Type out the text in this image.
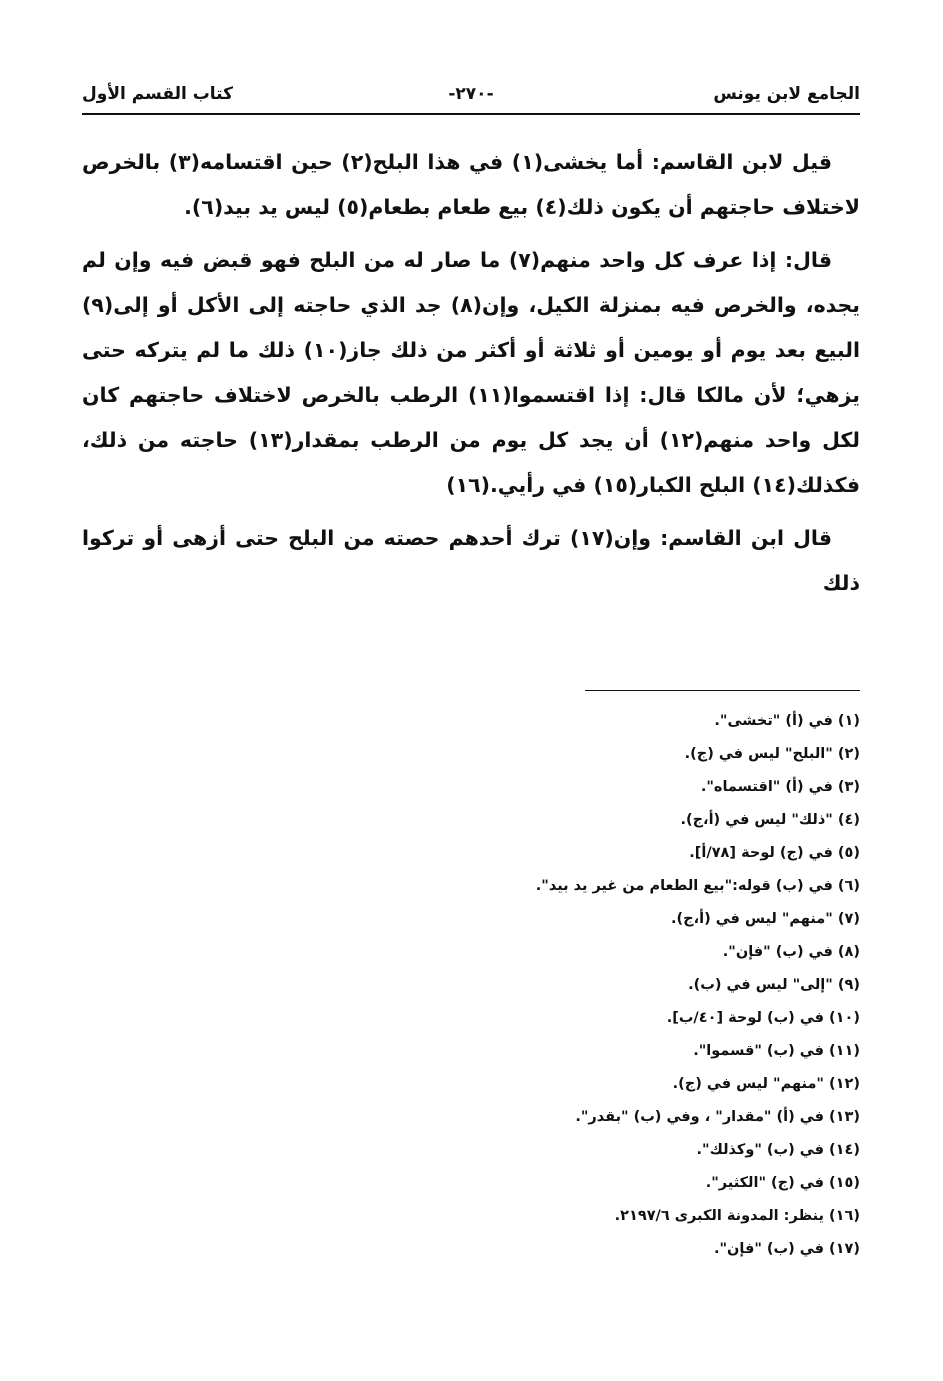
الجامع لابن يونس
-٢٧٠-
كتاب القسم الأول

قيل لابن القاسم: أما يخشى(١) في هذا البلح(٢) حين اقتسامه(٣) بالخرص لاختلاف حاجتهم أن يكون ذلك(٤) بيع طعام بطعام(٥) ليس يد بيد(٦).

قال: إذا عرف كل واحد منهم(٧) ما صار له من البلح فهو قبض فيه وإن لم يجده، والخرص فيه بمنزلة الكيل، وإن(٨) جد الذي حاجته إلى الأكل أو إلى(٩) البيع بعد يوم أو يومين أو ثلاثة أو أكثر من ذلك جاز(١٠) ذلك ما لم يتركه حتى يزهي؛ لأن مالكا قال: إذا اقتسموا(١١) الرطب بالخرص لاختلاف حاجتهم كان لكل واحد منهم(١٢) أن يجد كل يوم من الرطب بمقدار(١٣) حاجته من ذلك، فكذلك(١٤) البلح الكبار(١٥) في رأيي.(١٦)

قال ابن القاسم: وإن(١٧) ترك أحدهم حصته من البلح حتى أزهى أو تركوا ذلك

(١) في (أ) "تخشى".
(٢) "البلح" ليس في (ج).
(٣) في (أ) "اقتسماه".
(٤) "ذلك" ليس في (أ،ج).
(٥) في (ج) لوحة [٧٨/أ].
(٦) في (ب) قوله:"بيع الطعام من غير يد بيد".
(٧) "منهم" ليس في (أ،ج).
(٨) في (ب) "فإن".
(٩) "إلى" ليس في (ب).
(١٠) في (ب) لوحة [٤٠/ب].
(١١) في (ب) "قسموا".
(١٢) "منهم" ليس في (ج).
(١٣) في (أ) "مقدار" ، وفي (ب) "بقدر".
(١٤) في (ب) "وكذلك".
(١٥) في (ج) "الكثير".
(١٦) ينظر: المدونة الكبرى ٢١٩٧/٦.
(١٧) في (ب) "فإن".
